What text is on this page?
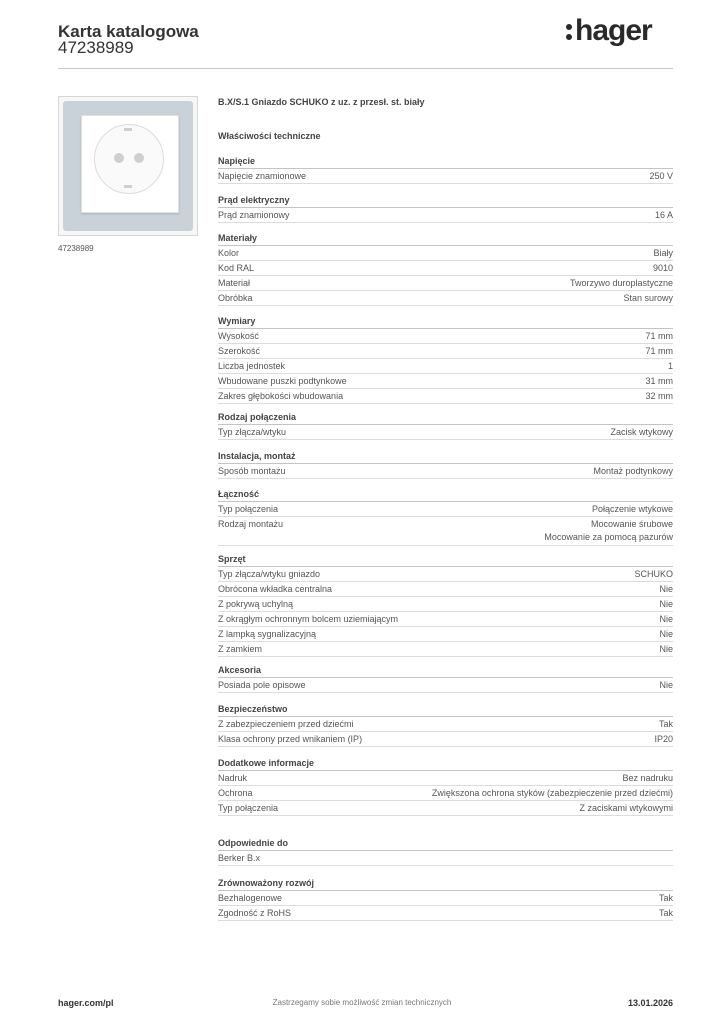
Karta katalogowa
47238989
hager
47238989
B.X/S.1 Gniazdo SCHUKO z uz. z przesł. st. biały
Właściwości techniczne
Napięcie
Napięcie znamionowe	250 V
Prąd elektryczny
Prąd znamionowy	16 A
Materiały
Kolor	Biały
Kod RAL	9010
Materiał	Tworzywo duroplastyczne
Obróbka	Stan surowy
Wymiary
Wysokość	71 mm
Szerokość	71 mm
Liczba jednostek	1
Wbudowane puszki podtynkowe	31 mm
Zakres głębokości wbudowania	32 mm
Rodzaj połączenia
Typ złącza/wtyku	Zacisk wtykowy
Instalacja, montaż
Sposób montażu	Montaż podtynkowy
Łączność
Typ połączenia	Połączenie wtykowe
Rodzaj montażu	Mocowanie śrubowe
Mocowanie za pomocą pazurów
Sprzęt
Typ złącza/wtyku gniazdo	SCHUKO
Obrócona wkładka centralna	Nie
Z pokrywą uchylną	Nie
Z okrągłym ochronnym bolcem uziemiającym	Nie
Z lampką sygnalizacyjną	Nie
Z zamkiem	Nie
Akcesoria
Posiada pole opisowe	Nie
Bezpieczeństwo
Z zabezpieczeniem przed dziećmi	Tak
Klasa ochrony przed wnikaniem (IP)	IP20
Dodatkowe informacje
Nadruk	Bez nadruku
Ochrona	Zwiększona ochrona styków (zabezpieczenie przed dziećmi)
Typ połączenia	Z zaciskami wtykowymi
Odpowiednie do
Berker B.x
Zrównoważony rozwój
Bezhalogenowe	Tak
Zgodność z RoHS	Tak
hager.com/pl	Zastrzegamy sobie możliwość zmian technicznych	13.01.2026
